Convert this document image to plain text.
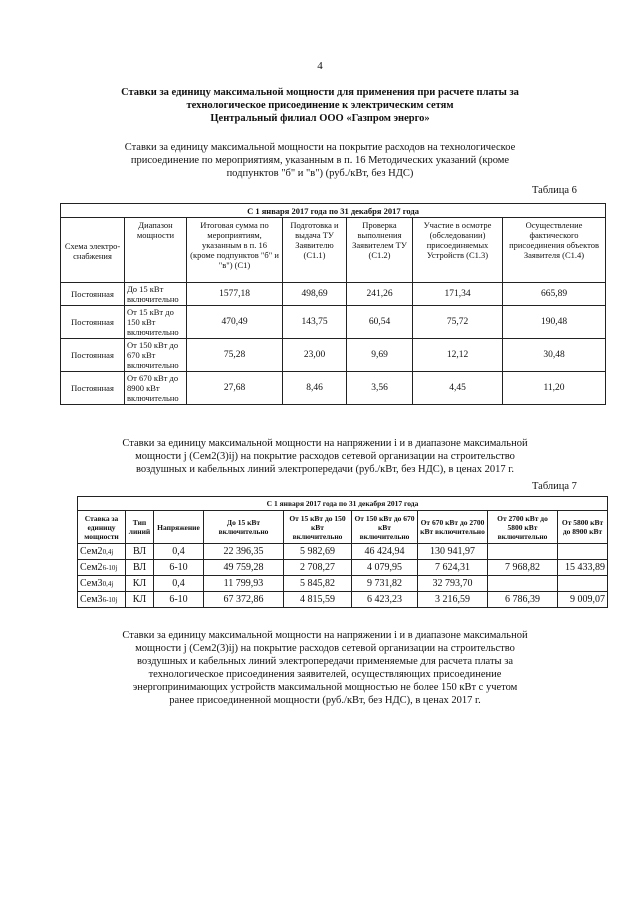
4
Ставки за единицу максимальной мощности для применения при расчете платы за
технологическое присоединение к электрическим сетям
Центральный филиал ООО «Газпром энерго»
Ставки за единицу максимальной мощности на покрытие расходов на технологическое
присоединение по мероприятиям, указанным в п. 16 Методических указаний (кроме
подпунктов "б" и "в") (руб./кВт, без НДС)
Таблица 6
С 1 января 2017 года по 31 декабря 2017 года						
Схема электро-снабжения	Диапазон мощности	Итоговая сумма по мероприятиям, указанным в п. 16 (кроме подпунктов "б" и "в") (С1)	Подготовка и выдача ТУ Заявителю (С1.1)	Проверка выполнения Заявителем ТУ (С1.2)	Участие в осмотре (обследовании) присоединяемых Устройств (С1.3)	Осуществление фактического присоединения объектов Заявителя (С1.4)
Постоянная	До 15 кВт включительно	1577,18	498,69	241,26	171,34	665,89
Постоянная	От 15 кВт до 150 кВт включительно	470,49	143,75	60,54	75,72	190,48
Постоянная	От 150 кВт до 670 кВт включительно	75,28	23,00	9,69	12,12	30,48
Постоянная	От 670 кВт до 8900 кВт включительно	27,68	8,46	3,56	4,45	11,20
Ставки за единицу максимальной мощности на напряжении i и в диапазоне максимальной
мощности j (Сем2(3)ij) на покрытие расходов сетевой организации на строительство
воздушных и кабельных линий электропередачи (руб./кВт, без НДС), в ценах 2017 г.
Таблица 7
С 1 января 2017 года по 31 декабря 2017 года								
Ставка за единицу мощности	Тип линий	Напряжение	До 15 кВт включительно	От 15 кВт до 150 кВт включительно	От 150 кВт до 670 кВт включительно	От 670 кВт до 2700 кВт включительно	От 2700 кВт до 5800 кВт включительно	От 5800 кВт до 8900 кВт
Сем20,4j	ВЛ	0,4	22 396,35	5 982,69	46 424,94	130 941,97		
Сем26-10j	ВЛ	6-10	49 759,28	2 708,27	4 079,95	7 624,31	7 968,82	15 433,89
Сем30,4j	КЛ	0,4	11 799,93	5 845,82	9 731,82	32 793,70		
Сем36-10j	КЛ	6-10	67 372,86	4 815,59	6 423,23	3 216,59	6 786,39	9 009,07
Ставки за единицу максимальной мощности на напряжении i и в диапазоне максимальной
мощности j (Сем2(3)ij) на покрытие расходов сетевой организации на строительство
воздушных и кабельных линий электропередачи применяемые для расчета платы за
технологическое присоединения заявителей, осуществляющих присоединение
энергопринимающих устройств максимальной мощностью не более 150 кВт с учетом
ранее присоединенной мощности (руб./кВт, без НДС), в ценах 2017 г.
